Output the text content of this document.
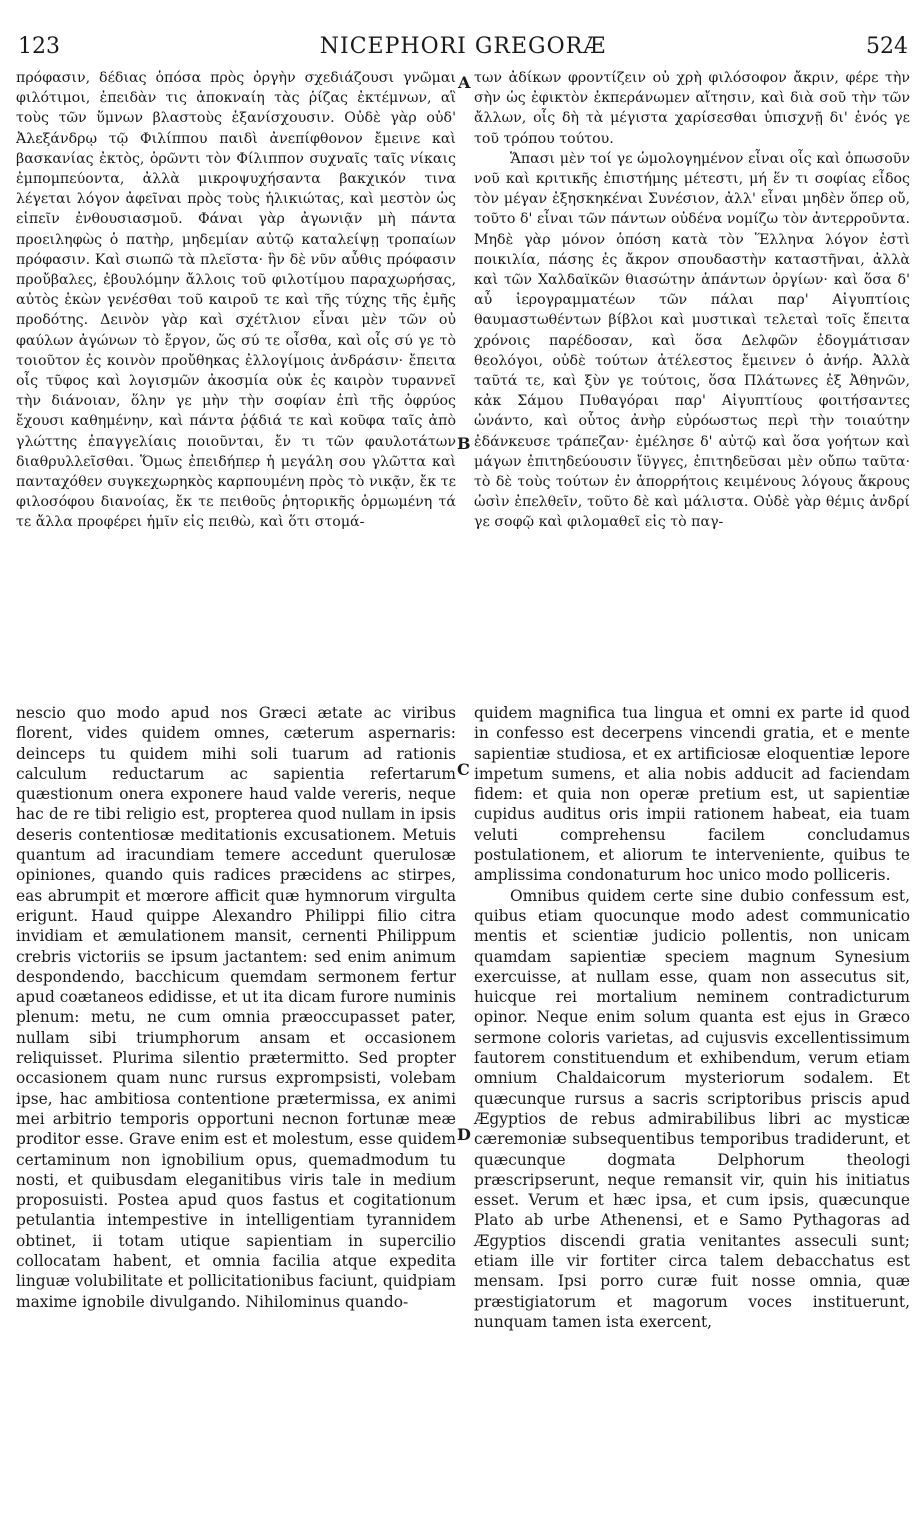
123	NICEPHORI GREGORÆ	524
A
B
C
D

πρόφασιν, δέδιας ὁπόσα πρὸς ὀργὴν σχεδιάζουσι γνῶμαι φιλότιμοι, ἐπειδὰν τις ἀποκναίη τὰς ῥίζας ἐκτέμνων, αἳ τοὺς τῶν ὕμνων βλαστοὺς ἐξανίσχουσιν. Οὐδὲ γὰρ οὐδ' Ἀλεξάνδρῳ τῷ Φιλίππου παιδὶ ἀνεπίφθονον ἔμεινε καὶ βασκανίας ἐκτὸς, ὁρῶντι τὸν Φίλιππον συχναῖς ταῖς νίκαις ἐμπομπεύοντα, ἀλλὰ μικροψυχήσαντα βακχικόν τινα λέγεται λόγον ἀφεῖναι πρὸς τοὺς ἡλικιώτας, καὶ μεστὸν ὡς εἰπεῖν ἐνθουσιασμοῦ. Φάναι γὰρ ἀγωνιᾷν μὴ πάντα προειληφὼς ὁ πατὴρ, μηδεμίαν αὐτῷ καταλείψῃ τροπαίων πρόφασιν. Καὶ σιωπῶ τὰ πλεῖστα· ἣν δὲ νῦν αὖθις πρόφασιν προὔβαλες, ἐβουλόμην ἄλλοις τοῦ φιλοτίμου παραχωρήσας, αὐτὸς ἑκὼν γενέσθαι τοῦ καιροῦ τε καὶ τῆς τύχης τῆς ἐμῆς προδότης. Δεινὸν γὰρ καὶ σχέτλιον εἶναι μὲν τῶν οὐ φαύλων ἀγώνων τὸ ἔργον, ὥς σύ τε οἶσθα, καὶ οἷς σύ γε τὸ τοιοῦτον ἐς κοινὸν προὔθηκας ἐλλογίμοις ἀνδράσιν· ἔπειτα οἷς τῦφος καὶ λογισμῶν ἀκοσμία οὐκ ἐς καιρὸν τυραννεῖ τὴν διάνοιαν, ὅλην γε μὴν τὴν σοφίαν ἐπὶ τῆς ὀφρύος ἔχουσι καθημένην, καὶ πάντα ῥᾴδιά τε καὶ κοῦφα ταῖς ἀπὸ γλώττης ἐπαγγελίαις ποιοῦνται, ἔν τι τῶν φαυλοτάτων διαθρυλλεῖσθαι. Ὅμως ἐπειδήπερ ἡ μεγάλη σου γλῶττα καὶ πανταχόθεν συγκεχωρηκὸς καρπουμένη πρὸς τὸ νικᾷν, ἔκ τε φιλοσόφου διανοίας, ἔκ τε πειθοῦς ῥητορικῆς ὁρμωμένη τά τε ἄλλα προφέρει ἡμῖν εἰς πειθὼ, καὶ ὅτι στομά-

των ἀδίκων φροντίζειν οὐ χρὴ φιλόσοφον ἄκριν, φέρε τὴν σὴν ὡς ἐφικτὸν ἐκπεράνωμεν αἴτησιν, καὶ διὰ σοῦ τὴν τῶν ἄλλων, οἷς δὴ τὰ μέγιστα χαρίσεσθαι ὑπισχνῇ δι' ἑνός γε τοῦ τρόπου τούτου.

Ἅπασι μὲν τοί γε ὡμολογημένον εἶναι οἷς καὶ ὁπωσοῦν νοῦ καὶ κριτικῆς ἐπιστήμης μέτεστι, μή ἕν τι σοφίας εἶδος τὸν μέγαν ἐξησκηκέναι Συνέσιον, ἀλλ' εἶναι μηδὲν ὅπερ οὔ, τοῦτο δ' εἶναι τῶν πάντων οὐδένα νομίζω τὸν ἀντερροῦντα. Μηδὲ γὰρ μόνον ὁπόση κατὰ τὸν Ἕλληνα λόγον ἐστὶ ποικιλία, πάσης ἐς ἄκρον σπουδαστὴν καταστῆναι, ἀλλὰ καὶ τῶν Χαλδαϊκῶν θιασώτην ἁπάντων ὀργίων· καὶ ὅσα δ' αὖ ἱερογραμματέων τῶν πάλαι παρ' Αἰγυπτίοις θαυμαστωθέντων βίβλοι καὶ μυστικαὶ τελεταὶ τοῖς ἔπειτα χρόνοις παρέδοσαν, καὶ ὅσα Δελφῶν ἐδογμάτισαν θεολόγοι, οὐδὲ τούτων ἀτέλεστος ἔμεινεν ὁ ἀνήρ. Ἀλλὰ ταῦτά τε, καὶ ξὺν γε τούτοις, ὅσα Πλάτωνες ἐξ Ἀθηνῶν, κἀκ Σάμου Πυθαγόραι παρ' Αἰγυπτίους φοιτήσαντες ὠνάντο, καὶ οὗτος ἀνὴρ εὐρόωστως περὶ τὴν τοιαύτην ἐδάνκευσε τράπεζαν· ἐμέλησε δ' αὐτῷ καὶ ὅσα γοήτων καὶ μάγων ἐπιτηδεύουσιν ἴϋγγες, ἐπιτηδεῦσαι μὲν οὔπω ταῦτα· τὸ δὲ τοὺς τούτων ἐν ἀπορρήτοις κειμένους λόγους ἄκρους ὠσὶν ἐπελθεῖν, τοῦτο δὲ καὶ μάλιστα. Οὐδὲ γὰρ θέμις ἀνδρί γε σοφῷ καὶ φιλομαθεῖ εἰς τὸ παγ-

nescio quo modo apud nos Græci ætate ac viribus florent, vides quidem omnes, cæterum aspernaris: deinceps tu quidem mihi soli tuarum ad rationis calculum reductarum ac sapientia refertarum quæstionum onera exponere haud valde vereris, neque hac de re tibi religio est, propterea quod nullam in ipsis deseris contentiosæ meditationis excusationem. Metuis quantum ad iracundiam temere accedunt querulosæ opiniones, quando quis radices præcidens ac stirpes, eas abrumpit et mœrore afficit quæ hymnorum virgulta erigunt. Haud quippe Alexandro Philippi filio citra invidiam et æmulationem mansit, cernenti Philippum crebris victoriis se ipsum jactantem: sed enim animum despondendo, bacchicum quemdam sermonem fertur apud coætaneos edidisse, et ut ita dicam furore numinis plenum: metu, ne cum omnia præoccupasset pater, nullam sibi triumphorum ansam et occasionem reliquisset. Plurima silentio prætermitto. Sed propter occasionem quam nunc rursus exprompsisti, volebam ipse, hac ambitiosa contentione prætermissa, ex animi mei arbitrio temporis opportuni necnon fortunæ meæ proditor esse. Grave enim est et molestum, esse quidem certaminum non ignobilium opus, quemadmodum tu nosti, et quibusdam eleganitibus viris tale in medium proposuisti. Postea apud quos fastus et cogitationum petulantia intempestive in intelligentiam tyrannidem obtinet, ii totam utique sapientiam in supercilio collocatam habent, et omnia facilia atque expedita linguæ volubilitate et pollicitationibus faciunt, quidpiam maxime ignobile divulgando. Nihilominus quando-

quidem magnifica tua lingua et omni ex parte id quod in confesso est decerpens vincendi gratia, et e mente sapientiæ studiosa, et ex artificiosæ eloquentiæ lepore impetum sumens, et alia nobis adducit ad faciendam fidem: et quia non operæ pretium est, ut sapientiæ cupidus auditus oris impii rationem habeat, eia tuam veluti comprehensu facilem concludamus postulationem, et aliorum te interveniente, quibus te amplissima condonaturum hoc unico modo polliceris.

Omnibus quidem certe sine dubio confessum est, quibus etiam quocunque modo adest communicatio mentis et scientiæ judicio pollentis, non unicam quamdam sapientiæ speciem magnum Synesium exercuisse, at nullam esse, quam non assecutus sit, huicque rei mortalium neminem contradicturum opinor. Neque enim solum quanta est ejus in Græco sermone coloris varietas, ad cujusvis excellentissimum fautorem constituendum et exhibendum, verum etiam omnium Chaldaicorum mysteriorum sodalem. Et quæcunque rursus a sacris scriptoribus priscis apud Ægyptios de rebus admirabilibus libri ac mysticæ cæremoniæ subsequentibus temporibus tradiderunt, et quæcunque dogmata Delphorum theologi præscripserunt, neque remansit vir, quin his initiatus esset. Verum et hæc ipsa, et cum ipsis, quæcunque Plato ab urbe Athenensi, et e Samo Pythagoras ad Ægyptios discendi gratia venitantes asseculi sunt; etiam ille vir fortiter circa talem debacchatus est mensam. Ipsi porro curæ fuit nosse omnia, quæ præstigiatorum et magorum voces instituerunt, nunquam tamen ista exercent,
